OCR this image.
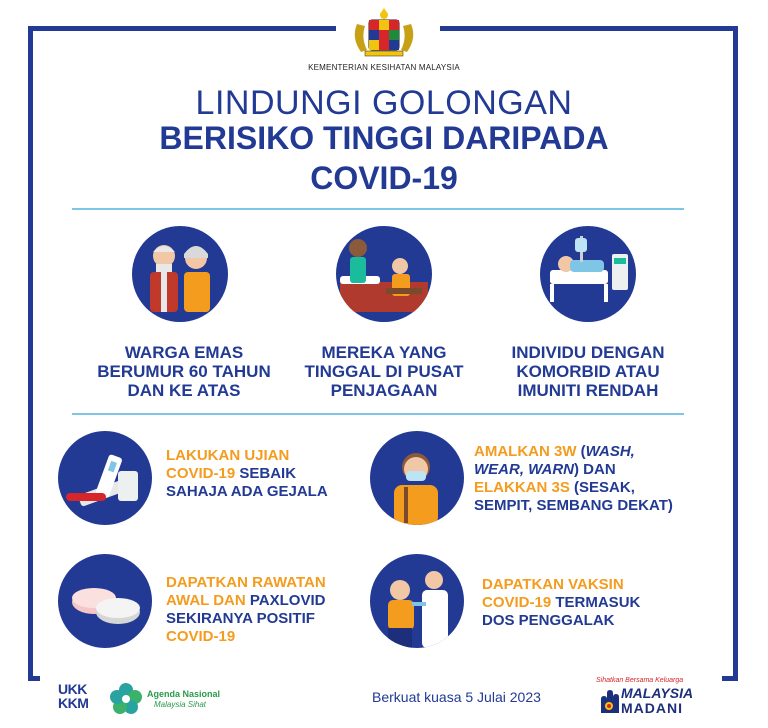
KEMENTERIAN KESIHATAN MALAYSIA
LINDUNGI GOLONGAN
BERISIKO TINGGI DARIPADA
COVID-19
WARGA EMAS
BERUMUR 60 TAHUN
DAN KE ATAS
MEREKA YANG
TINGGAL DI PUSAT
PENJAGAAN
INDIVIDU DENGAN
KOMORBID ATAU
IMUNITI RENDAH
LAKUKAN UJIAN
COVID-19 SEBAIK
SAHAJA ADA GEJALA
AMALKAN 3W (WASH,
WEAR, WARN) DAN
ELAKKAN 3S (SESAK,
SEMPIT, SEMBANG DEKAT)
DAPATKAN RAWATAN
AWAL DAN PAXLOVID
SEKIRANYA POSITIF
COVID-19
DAPATKAN VAKSIN
COVID-19 TERMASUK
DOS PENGGALAK
UKK
KKM
Agenda Nasional
Malaysia Sihat	Berkuat kuasa 5 Julai 2023
Sihatkan Bersama Keluarga
MALAYSIA
MADANI
